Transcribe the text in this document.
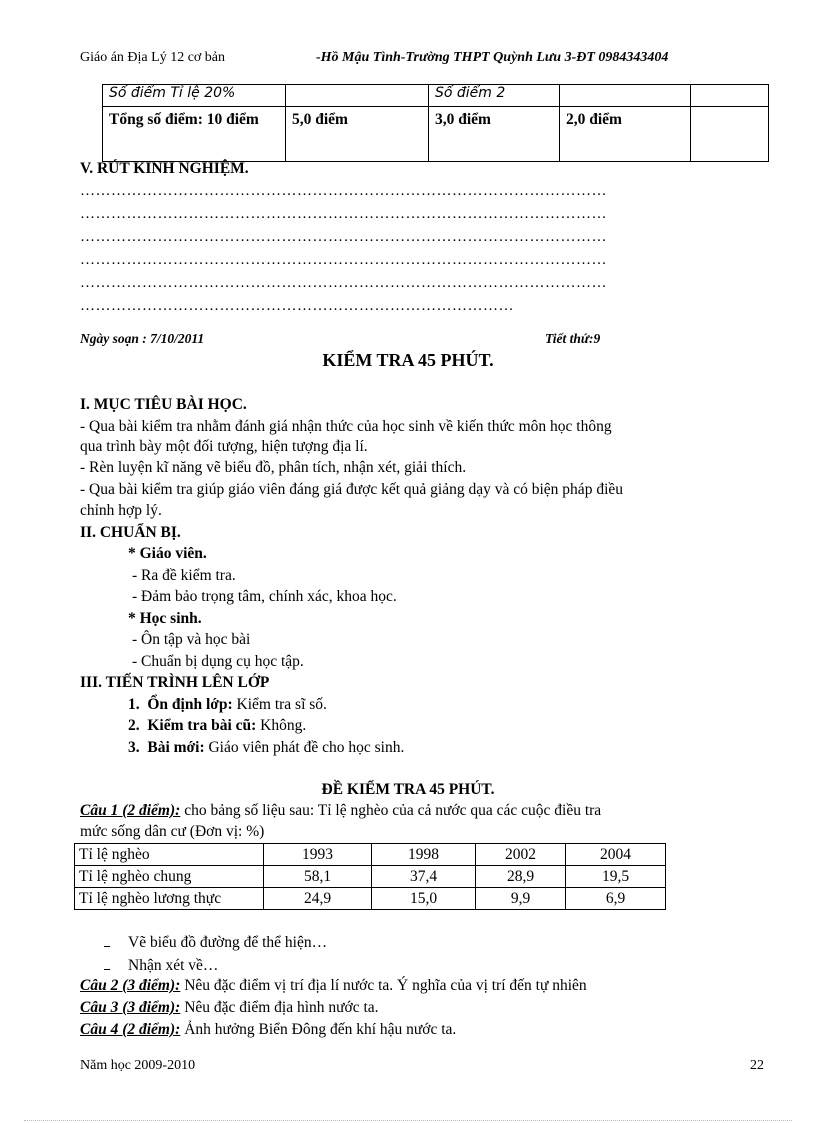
Giáo án Địa Lý 12 cơ bản	-Hồ Mậu Tình-Trường THPT Quỳnh Lưu 3-ĐT 0984343404
Số điểm Tỉ lệ 20%		Số điểm 2		
Tổng số điểm: 10 điểm	5,0 điểm	3,0 điểm	2,0 điểm	
V. RÚT KINH NGHIỆM.
…………………………………………………………………………………………
…………………………………………………………………………………………
…………………………………………………………………………………………
…………………………………………………………………………………………
…………………………………………………………………………………………
…………………………………………………………………………
Ngày soạn : 7/10/2011	Tiết thứ:9
KIỂM TRA 45 PHÚT.
I. MỤC TIÊU BÀI HỌC.
- Qua bài kiểm tra nhằm đánh giá nhận thức của học sinh về kiến thức môn học thông
qua trình bày một đối tượng, hiện tượng địa lí.
- Rèn luyện kĩ năng vẽ biểu đồ, phân tích, nhận xét, giải thích.
- Qua bài kiểm tra giúp giáo viên đáng giá được kết quả giảng dạy và có biện pháp điều
chỉnh hợp lý.
II. CHUẨN BỊ.
* Giáo viên.
- Ra đề kiểm tra.
- Đảm bảo trọng tâm, chính xác, khoa học.
* Học sinh.
- Ôn tập và học bài
- Chuẩn bị dụng cụ học tập.
III. TIẾN TRÌNH LÊN LỚP
1. Ổn định lớp: Kiểm tra sĩ số.
2. Kiểm tra bài cũ: Không.
3. Bài mới: Giáo viên phát đề cho học sinh.
ĐỀ KIỂM TRA 45 PHÚT.
Câu 1 (2 điểm): cho bảng số liệu sau: Tỉ lệ nghèo của cả nước qua các cuộc điều tra
mức sống dân cư (Đơn vị: %)
Tỉ lệ nghèo	1993	1998	2002	2004
Tỉ lệ nghèo chung	58,1	37,4	28,9	19,5
Tỉ lệ nghèo lương thực	24,9	15,0	9,9	6,9
Vẽ biểu đồ đường để thể hiện…
Nhận xét về…
Câu 2 (3 điểm): Nêu đặc điểm vị trí địa lí nước ta. Ý nghĩa của vị trí đến tự nhiên
Câu 3 (3 điểm): Nêu đặc điểm địa hình nước ta.
Câu 4 (2 điểm): Ảnh hưởng Biển Đông đến khí hậu nước ta.
Năm học 2009-2010	22
